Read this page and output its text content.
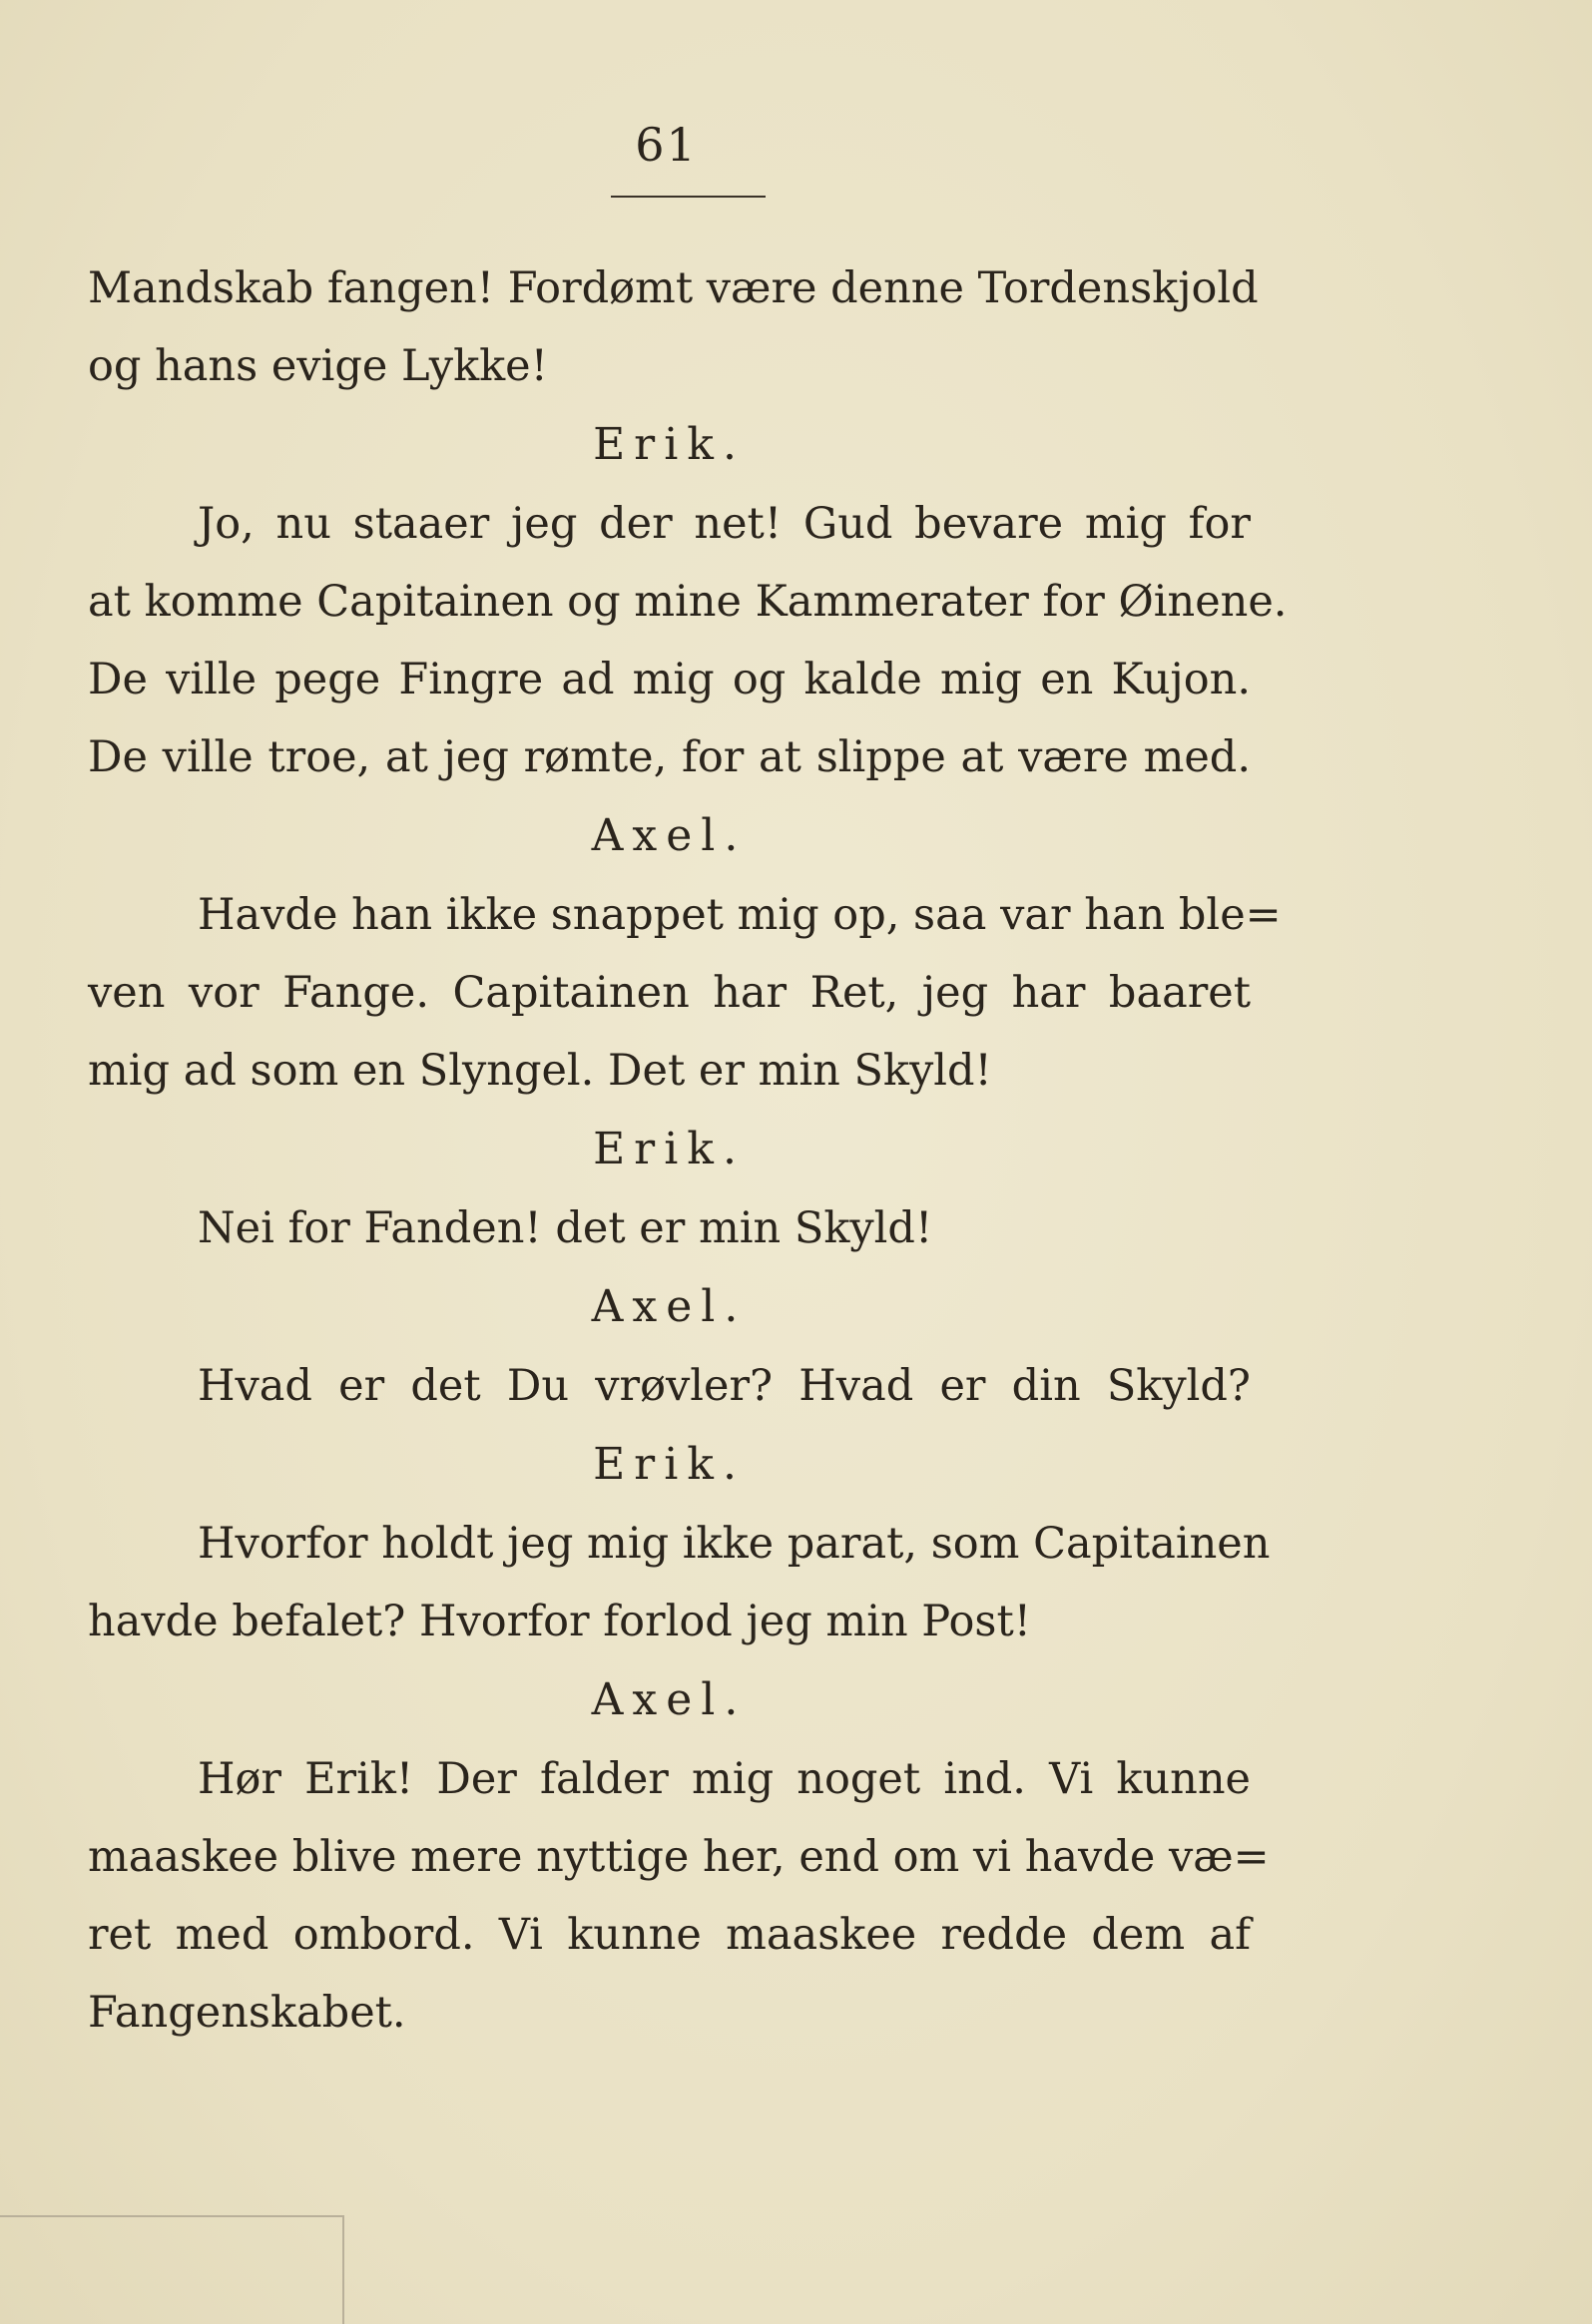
61
Mandskab fangen! Fordømt være denne Tordenskjold
og hans evige Lykke!
Erik.
Jo, nu staaer jeg der net! Gud bevare mig for
at komme Capitainen og mine Kammerater for Øinene.
De ville pege Fingre ad mig og kalde mig en Kujon.
De ville troe, at jeg rømte, for at slippe at være med.
Axel.
Havde han ikke snappet mig op, saa var han ble=
ven vor Fange. Capitainen har Ret, jeg har baaret
mig ad som en Slyngel. Det er min Skyld!
Erik.
Nei for Fanden! det er min Skyld!
Axel.
Hvad er det Du vrøvler? Hvad er din Skyld?
Erik.
Hvorfor holdt jeg mig ikke parat, som Capitainen
havde befalet? Hvorfor forlod jeg min Post!
Axel.
Hør Erik! Der falder mig noget ind. Vi kunne
maaskee blive mere nyttige her, end om vi havde væ=
ret med ombord. Vi kunne maaskee redde dem af
Fangenskabet.
